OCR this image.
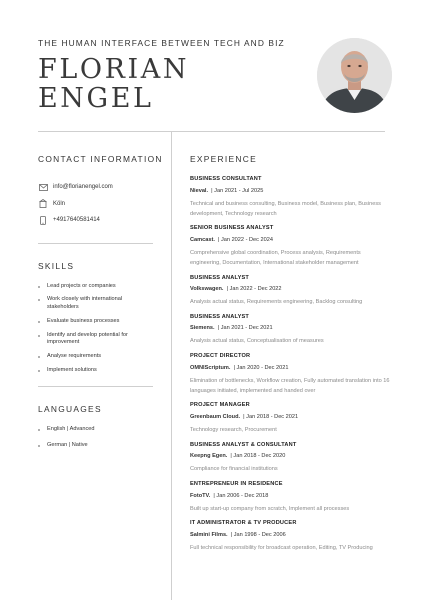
THE HUMAN INTERFACE BETWEEN TECH AND BIZ
FLORIAN
ENGEL
CONTACT INFORMATION
info@florianengel.com
Köln
+4917640581414
SKILLS
Lead projects or companies
Work closely with international stakeholders
Evaluate business processes
Identify and develop potential for improvement
Analyse requirements
Implement solutions
LANGUAGES
English | Advanced
German | Native
EXPERIENCE
BUSINESS CONSULTANT
Nieval. | Jan 2021 - Jul 2025
Technical and business consulting, Business model, Business plan, Business development, Technology research
SENIOR BUSINESS ANALYST
Camcast. | Jan 2022 - Dec 2024
Comprehensive global coordination, Process analysis, Requirements engineering, Documentation, International stakeholder management
BUSINESS ANALYST
Volkswagen. | Jan 2022 - Dec 2022
Analysis actual status, Requirements engineering, Backlog consulting
BUSINESS ANALYST
Siemens. | Jan 2021 - Dec 2021
Analysis actual status, Conceptualisation of measures
PROJECT DIRECTOR
OMNIScriptum. | Jan 2020 - Dec 2021
Elimination of bottlenecks, Workflow creation, Fully automated translation into 16 languages initiated, implemented and handed over
PROJECT MANAGER
Greenbaum Cloud. | Jan 2018 - Dec 2021
Technology research, Procurement
BUSINESS ANALYST & CONSULTANT
Keepng Egen. | Jan 2018 - Dec 2020
Compliance for financial institutions
ENTREPRENEUR IN RESIDENCE
FotoTV. | Jan 2006 - Dec 2018
Built up start-up company from scratch, Implement all processes
IT ADMINISTRATOR & TV PRODUCER
Salmini Films. | Jan 1998 - Dec 2006
Full technical responsibility for broadcast operation, Editing, TV Producing
